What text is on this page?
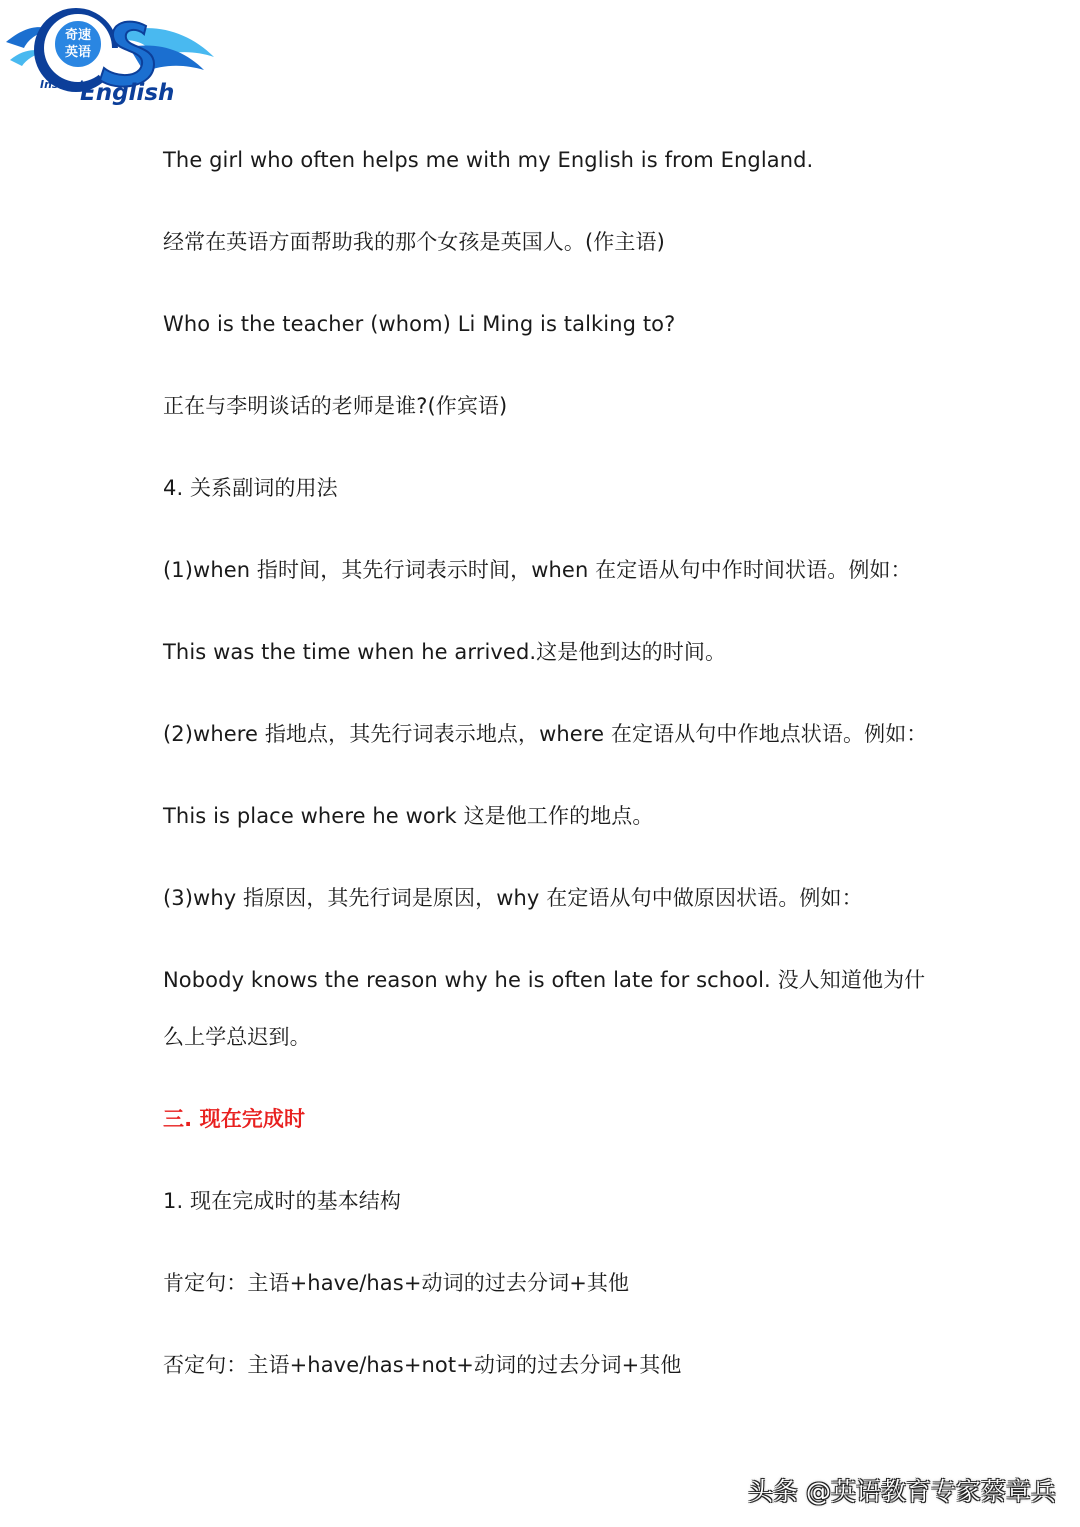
奇速
英语
Instant
English
The girl who often helps me with my English is from England.
经常在英语方面帮助我的那个女孩是英国人。(作主语)
Who is the teacher (whom) Li Ming is talking to?
正在与李明谈话的老师是谁?(作宾语)
4. 关系副词的用法
(1)when 指时间，其先行词表示时间，when 在定语从句中作时间状语。例如：
This was the time when he arrived.这是他到达的时间。
(2)where 指地点，其先行词表示地点，where 在定语从句中作地点状语。例如：
This is place where he work 这是他工作的地点。
(3)why 指原因，其先行词是原因，why 在定语从句中做原因状语。例如：
Nobody knows the reason why he is often late for school. 没人知道他为什
么上学总迟到。
三. 现在完成时
1. 现在完成时的基本结构
肯定句：主语+have/has+动词的过去分词+其他
否定句：主语+have/has+not+动词的过去分词+其他
头条 @英语教育专家蔡章兵
